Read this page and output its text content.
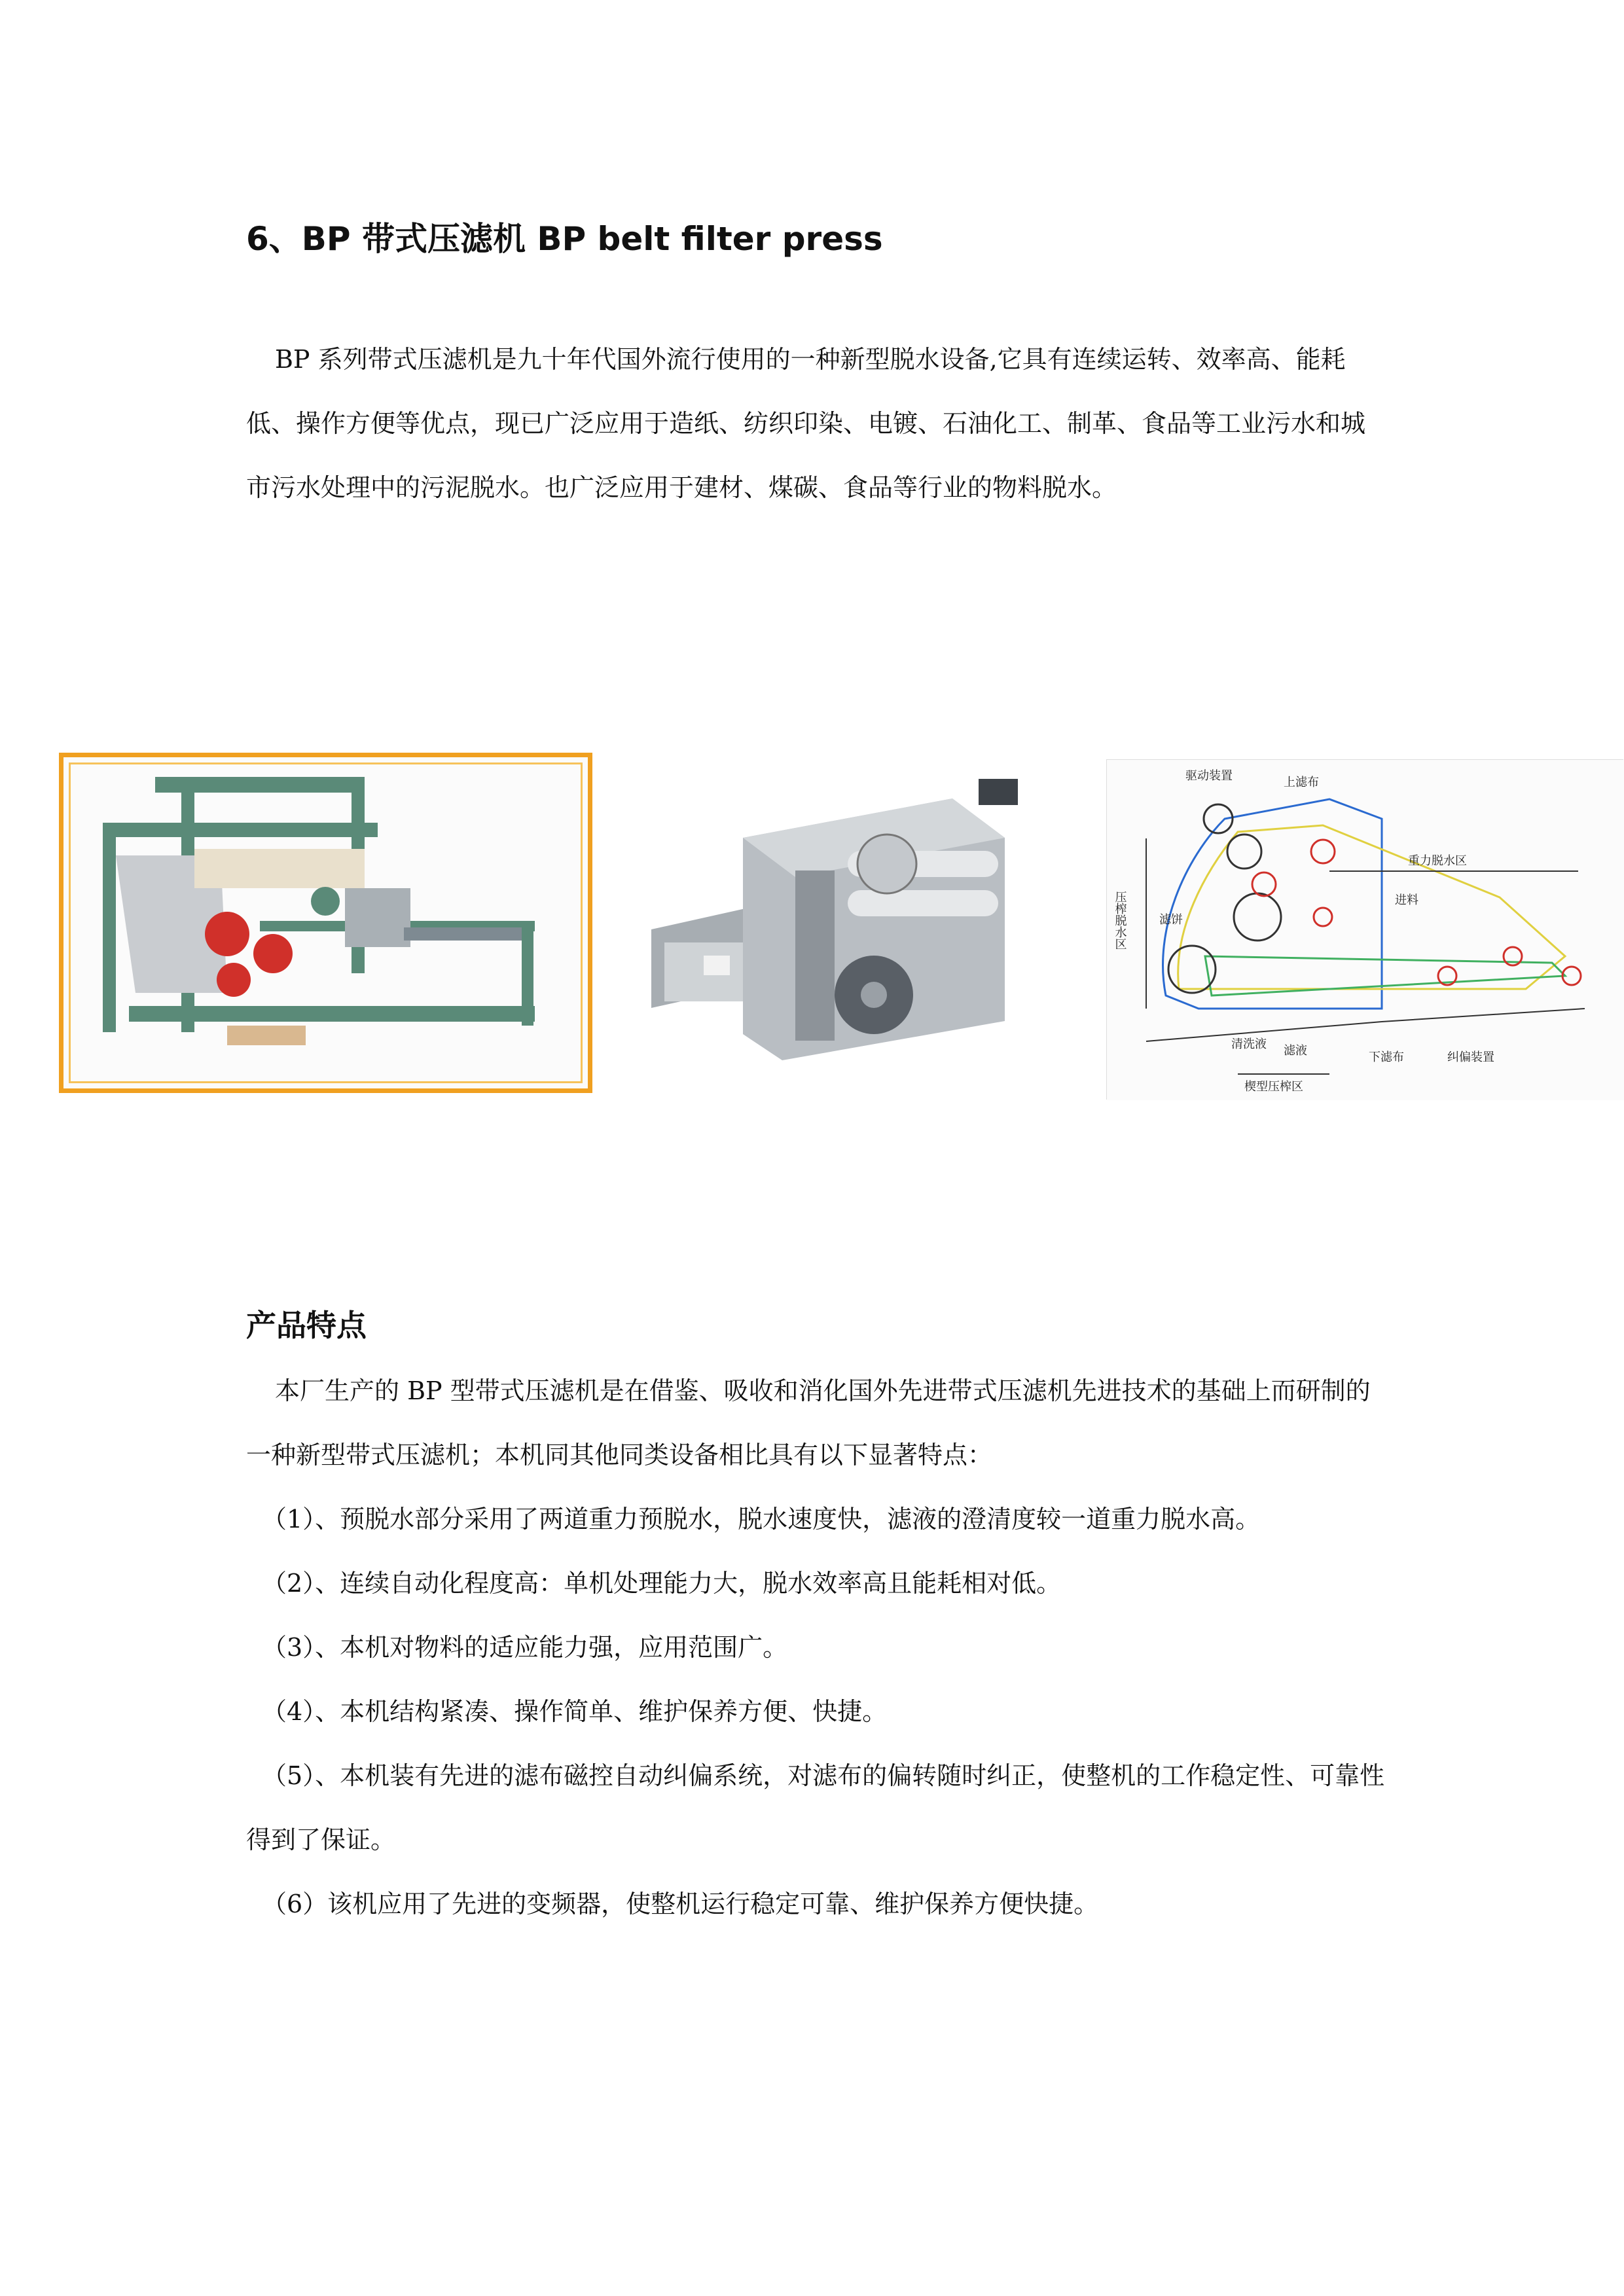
6、BP 带式压滤机 BP belt filter press
BP 系列带式压滤机是九十年代国外流行使用的一种新型脱水设备,它具有连续运转、效率高、能耗低、操作方便等优点，现已广泛应用于造纸、纺织印染、电镀、石油化工、制革、食品等工业污水和城市污水处理中的污泥脱水。也广泛应用于建材、煤碳、食品等行业的物料脱水。
驱动装置	上滤布
重力脱水区
进料
压榨脱水区	滤饼
清洗液 滤液	下滤布	纠偏装置
楔型压榨区
产品特点

本厂生产的 BP 型带式压滤机是在借鉴、吸收和消化国外先进带式压滤机先进技术的基础上而研制的一种新型带式压滤机；本机同其他同类设备相比具有以下显著特点：

（1）、预脱水部分采用了两道重力预脱水，脱水速度快，滤液的澄清度较一道重力脱水高。

（2）、连续自动化程度高：单机处理能力大，脱水效率高且能耗相对低。

（3）、本机对物料的适应能力强，应用范围广。

（4）、本机结构紧凑、操作简单、维护保养方便、快捷。

（5）、本机装有先进的滤布磁控自动纠偏系统，对滤布的偏转随时纠正，使整机的工作稳定性、可靠性得到了保证。

（6）该机应用了先进的变频器，使整机运行稳定可靠、维护保养方便快捷。
